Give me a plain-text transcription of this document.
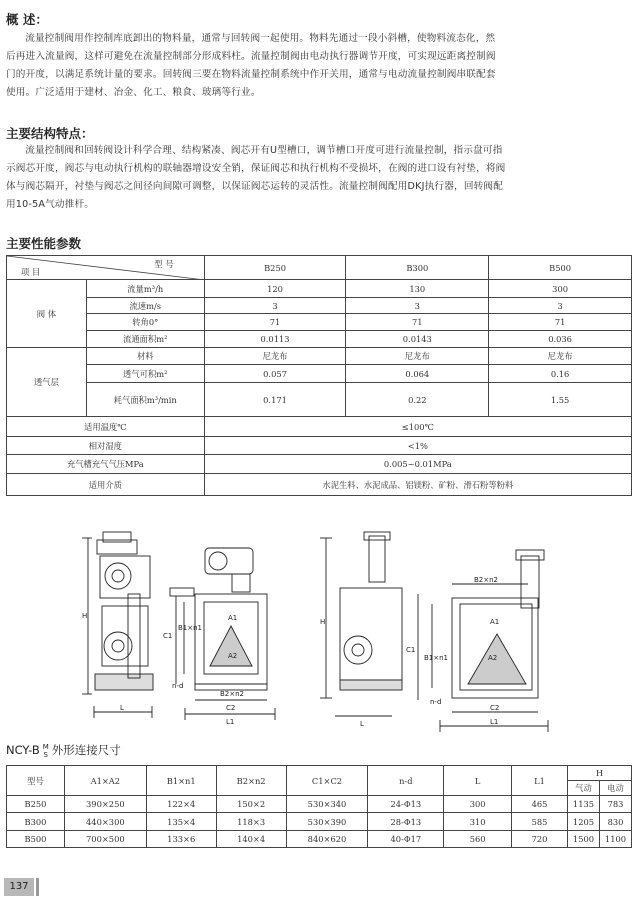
概 述：
流量控制阀用作控制库底卸出的物料量，通常与回转阀一起使用。物料先通过一段小斜槽，使物料流态化，然
后再进入流量阀，这样可避免在流量控制部分形成料柱。流量控制阀由电动执行器调节开度，可实现远距离控制阀
门的开度，以满足系统计量的要求。回转阀三要在物料流量控制系统中作开关用，通常与电动流量控制阀串联配套
使用。广泛适用于建材、冶金、化工、粮食、玻璃等行业。
主要结构特点：
流量控制阀和回转阀设计科学合理、结构紧凑、阀芯开有U型槽口，调节槽口开度可进行流量控制，指示盘可指
示阀芯开度，阀芯与电动执行机构的联轴器增设安全销，保证阀芯和执行机构不受损坏，在阀的进口设有衬垫，将阀
体与阀芯隔开，衬垫与阀芯之间径向间隙可调整，以保证阀芯运转的灵活性。流量控制阀配用DKJ执行器，回转阀配
用10-5A气动推杆。
主要性能参数
型 号
项 目		B250	B300	B500
阀 体	流量m³/h	120	130	300
	流速m/s	3	3	3
	转角0°	71	71	71
	流通面积m²	0.0113	0.0143	0.036
透气层	材料	尼龙布	尼龙布	尼龙布
	透气可积m²	0.057	0.064	0.16
	耗气面积m³/min	0.171	0.22	1.55
适用温度℃		≤100℃		
相对湿度		<1%		
充气槽充气气压MPa		0.005~0.01MPa		
适用介质		水泥生料、水泥成品、铝镁粉、矿粉、滑石粉等粉料		
H
L
C1
B1×n1
A1
A2
B2×n2
C2
L1
n-d
H
L
C1
B1×n1
B2×n2
A1
A2
C2
L1
n-d
NCY-B M
S 外形连接尺寸
型号	A1×A2	B1×n1	B2×n2	C1×C2	n-d	L	L1	H	
								气动	电动
B250	390×250	122×4	150×2	530×340	24-Φ13	300	465	1135	783
B300	440×300	135×4	118×3	530×390	28-Φ13	310	585	1205	830
B500	700×500	133×6	140×4	840×620	40-Φ17	560	720	1500	1100
137
